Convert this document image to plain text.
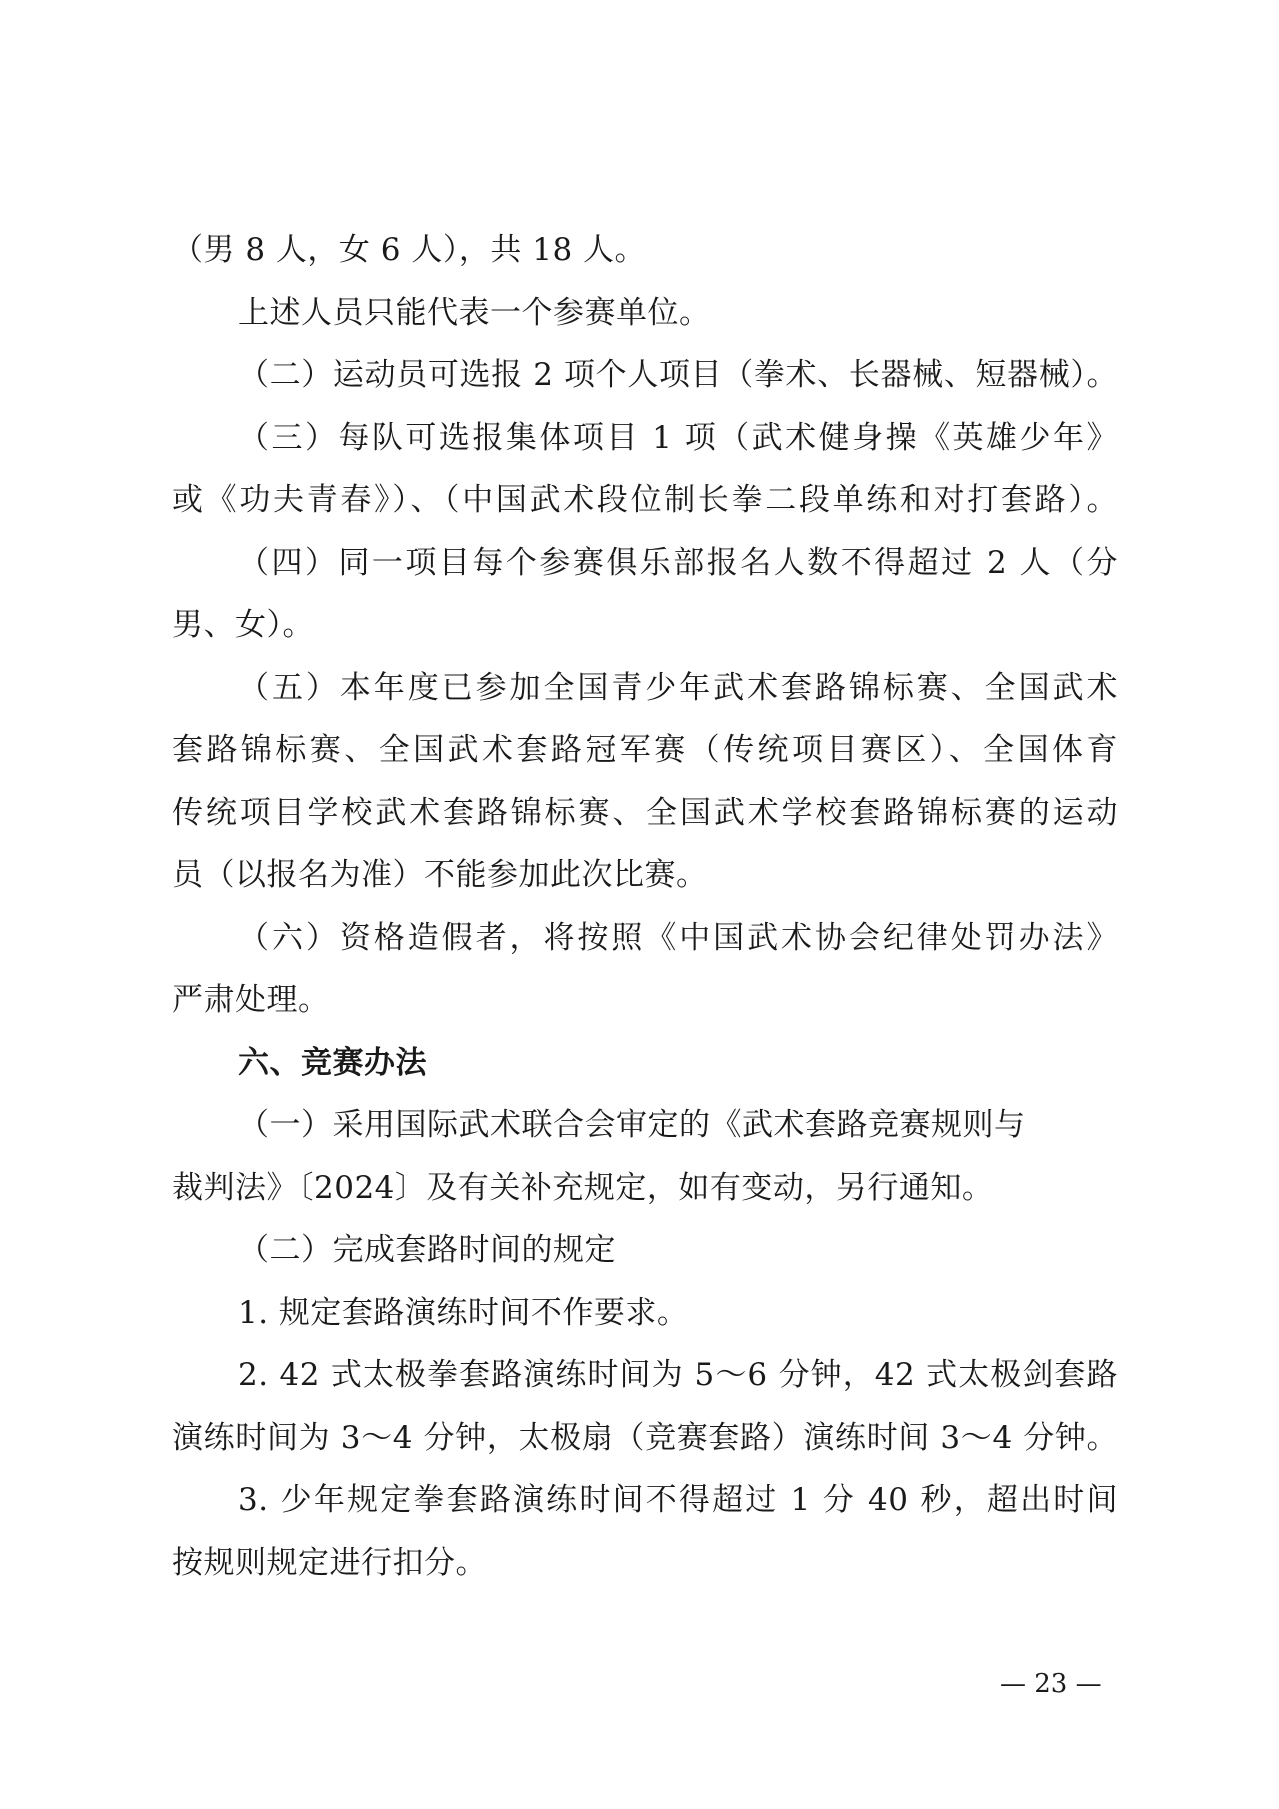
（男 8 人，女 6 人），共 18 人。
上述人员只能代表一个参赛单位。
（二）运动员可选报 2 项个人项目（拳术、长器械、短器械）。
（三）每队可选报集体项目 1 项（武术健身操《英雄少年》
或《功夫青春》）、（中国武术段位制长拳二段单练和对打套路）。
（四）同一项目每个参赛俱乐部报名人数不得超过 2 人（分
男、女）。
（五）本年度已参加全国青少年武术套路锦标赛、全国武术
套路锦标赛、全国武术套路冠军赛（传统项目赛区）、全国体育
传统项目学校武术套路锦标赛、全国武术学校套路锦标赛的运动
员（以报名为准）不能参加此次比赛。
（六）资格造假者，将按照《中国武术协会纪律处罚办法》
严肃处理。
六、竞赛办法
（一）采用国际武术联合会审定的《武术套路竞赛规则与
裁判法》〔2024〕及有关补充规定，如有变动，另行通知。
（二）完成套路时间的规定
1. 规定套路演练时间不作要求。
2. 42 式太极拳套路演练时间为 5～6 分钟，42 式太极剑套路
演练时间为 3～4 分钟，太极扇（竞赛套路）演练时间 3～4 分钟。
3. 少年规定拳套路演练时间不得超过 1 分 40 秒，超出时间
按规则规定进行扣分。
— 23 —
